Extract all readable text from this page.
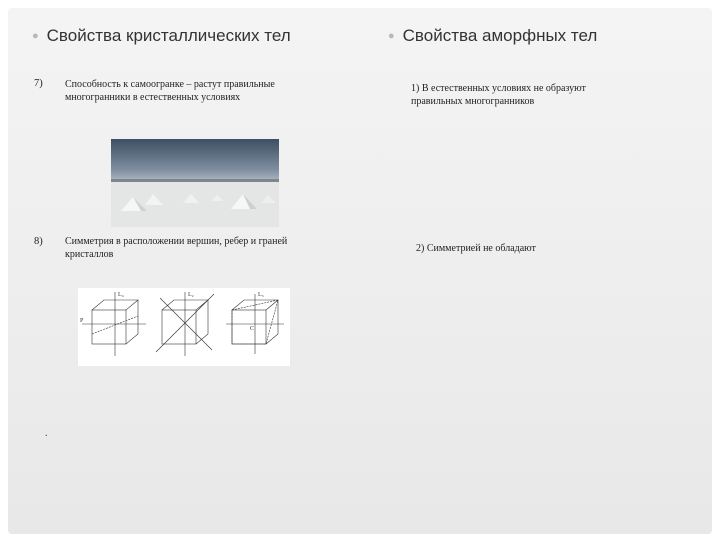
● Свойства кристаллических тел	● Свойства аморфных тел
7) Способность к самоогранке – растут правильные
многогранники в естественных условиях
8) Симметрия в расположении вершин, ребер и граней
кристаллов
L₄	L₂	L₃
P
C
.
1) В естественных условиях не образуют
правильных многогранников
2) Симметрией не обладают
